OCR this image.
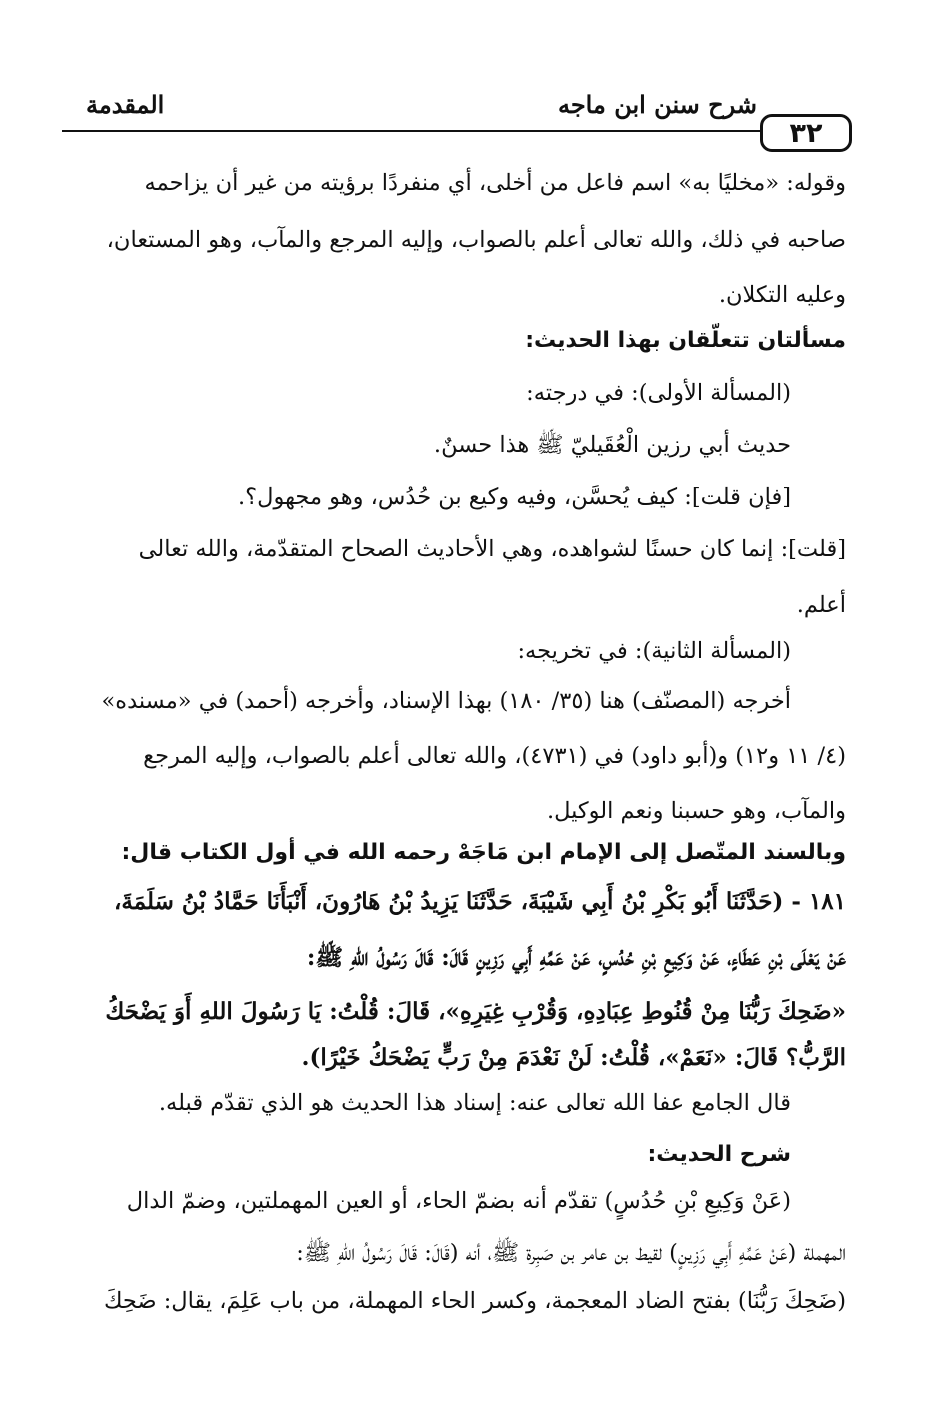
٣٢
شرح سنن ابن ماجه
المقدمة
وقوله: «مخليًا به» اسم فاعل من أخلى، أي منفردًا برؤيته من غير أن يزاحمه
صاحبه في ذلك، والله تعالى أعلم بالصواب، وإليه المرجع والمآب، وهو المستعان،
وعليه التكلان.
مسألتان تتعلّقان بهذا الحديث:
(المسألة الأولى): في درجته:
حديث أبي رزين الْعُقَيليّ ﷺ هذا حسنٌ.
[فإن قلت]: كيف يُحسَّن، وفيه وكيع بن حُدُس، وهو مجهول؟.
[قلت]: إنما كان حسنًا لشواهده، وهي الأحاديث الصحاح المتقدّمة، والله تعالى
أعلم.
(المسألة الثانية): في تخريجه:
أخرجه (المصنّف) هنا (٣٥/ ١٨٠) بهذا الإسناد، وأخرجه (أحمد) في «مسنده»
(٤/ ١١ و١٢) و(أبو داود) في (٤٧٣١)، والله تعالى أعلم بالصواب، وإليه المرجع
والمآب، وهو حسبنا ونعم الوكيل.
وبالسند المتّصل إلى الإمام ابن مَاجَهْ رحمه الله في أول الكتاب قال:
١٨١ - (حَدَّثَنَا أَبُو بَكْرِ بْنُ أَبِي شَيْبَةَ، حَدَّثَنَا يَزِيدُ بْنُ هَارُونَ، أَنْبَأَنَا حَمَّادُ بْنُ سَلَمَةَ،
عَنْ يَعْلَى بْنِ عَطَاءٍ، عَنْ وَكِيعِ بْنِ حُدُسٍ، عَنْ عَمِّهِ أَبِي رَزِينٍ قَالَ: قَالَ رَسُولُ اللهِ ﷺ:
«ضَحِكَ رَبُّنَا مِنْ قُنُوطِ عِبَادِهِ، وَقُرْبِ غِيَرِهِ»، قَالَ: قُلْتُ: يَا رَسُولَ اللهِ أَوَ يَضْحَكُ
الرَّبُّ؟ قَالَ: «نَعَمْ»، قُلْتُ: لَنْ نَعْدَمَ مِنْ رَبٍّ يَضْحَكُ خَيْرًا).
قال الجامع عفا الله تعالى عنه: إسناد هذا الحديث هو الذي تقدّم قبله.
شرح الحديث:
(عَنْ وَكِيعِ بْنِ حُدُسٍ) تقدّم أنه بضمّ الحاء، أو العين المهملتين، وضمّ الدال
المهملة (عَنْ عَمِّهِ أَبِي رَزِينٍ) لقيط بن عامر بن صَبِرة ﷺ، أنه (قَالَ: قَالَ رَسُولُ اللهِ ﷺ:
(ضَحِكَ رَبُّنَا) بفتح الضاد المعجمة، وكسر الحاء المهملة، من باب عَلِمَ، يقال: ضَحِكَ
